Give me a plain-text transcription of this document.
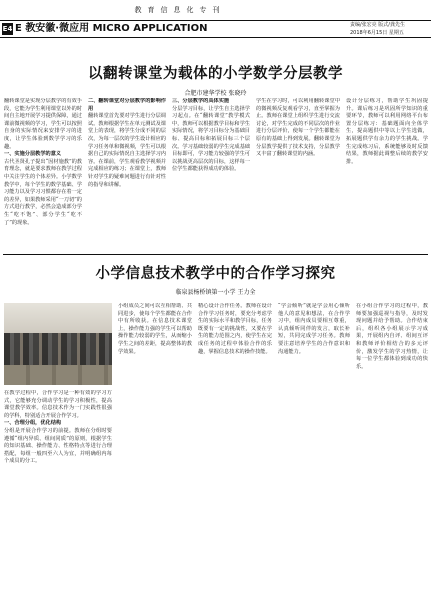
教育信息化专刊
E4 E 教安徽·微应用 MICRO APPLICATION	责编/张宏亮 版式/龚先生
2018年6月15日 星期五
以翻转课堂为载体的小学数学分层教学
合肥市建华学校 张晓玲
翻转课堂是实现分层教学的有效手段，它能为学生利用课堂以外的时间自主地开展学习提供保障，通过课前微视频的学习，学生可以按照自身的实际情况来安排学习的进度，让学生体验到数学学习的乐趣。
一、实施分层教学的意义
古代圣贤孔子提出“因材施教”的教育理念，就是要求教师在教学过程中关注学生的个体差异。小学数学教学中，每个学生的数学基础、学习能力以及学习习惯都存在着一定的差异，如果教师采用“一刀切”的方式进行教学，必然会造成部分学生“吃不饱”、部分学生“吃不了”的现象。
二、翻转课堂对分层教学的影响作用
翻转课堂首先要对学生进行分层调试。教师根据学生在单元测试及课堂上的表现，将学生分成不同的层次，为每一层次的学生设计相应的学习任务单和微视频，学生可以根据自己的实际情况自主选择学习内容。在课前，学生观看教学视频并完成相应的练习；在课堂上，教师针对学生的疑难问题进行有针对性的指导和讲解。
三、分层教学的具体实施
分层学习目标，让学生自主选择学习起点。在“翻转课堂”教学模式中，教师可以根据教学目标和学生实际情况，将学习目标分为基础目标、提高目标和拓展目标三个层次。学习基础较弱的学生完成基础目标即可，学习能力较强的学生可以挑战更高层次的目标，这样每一位学生都能获得成功的体验。
学生在学习时，可以利用翻转课堂中的微视频反复观看学习，直至掌握为止。教师在课堂上组织学生进行交流讨论，对学生完成的不同层次的作业进行分层评价，使每一个学生都能在原有的基础上得到发展。翻转课堂为分层教学提供了技术支持，分层教学又丰富了翻转课堂的内涵。
设计分层练习，帮助学生巩固提升。课后练习是巩固所学知识的重要环节，教师可以利用网络平台布置分层练习：基础题面向全体学生，提高题供中等以上学生选做，拓展题供学有余力的学生挑战。学生完成练习后，系统能够及时反馈结果，教师据此调整后续的教学安排。
小学信息技术教学中的合作学习探究
临泉县杨桥镇第一小学 王力全
在教学过程中，合作学习是一种有效的学习方式，它能够充分调动学生的学习积极性，提高课堂教学效率。信息技术作为一门实践性很强的学科，特别适合开展合作学习。
一、合理分组，优化结构
分组是开展合作学习的前提。教师在分组时要遵循“组内异质、组间同质”的原则，根据学生的知识基础、操作能力、性格特点等进行合理搭配，每组一般四至六人为宜，并明确组内每个成员的分工。
小组成员之间可以互相帮助、共同进步，使每个学生都能在合作中有所收获。在信息技术课堂上，操作能力强的学生可以帮助操作能力较弱的学生，从而缩小学生之间的差距，提高整体的教学效果。
精心设计合作任务。教师在设计合作学习任务时，要充分考虑学生的实际水平和教学目标，任务既要有一定的挑战性，又要在学生的能力范围之内，使学生在完成任务的过程中体验合作的乐趣，掌握信息技术的操作技能。
“学会倾听”就是学会用心倾听他人的意见和想法，在合作学习中，组内成员要相互尊重，认真倾听同伴的发言，取长补短，共同完成学习任务。教师要注意培养学生的合作意识和沟通能力。
在小组合作学习的过程中，教师要加强巡视与指导，及时发现问题并给予帮助。合作结束后，组织各小组展示学习成果，开展组内自评、组间互评和教师评价相结合的多元评价，激发学生的学习热情，让每一位学生都体验到成功的快乐。
